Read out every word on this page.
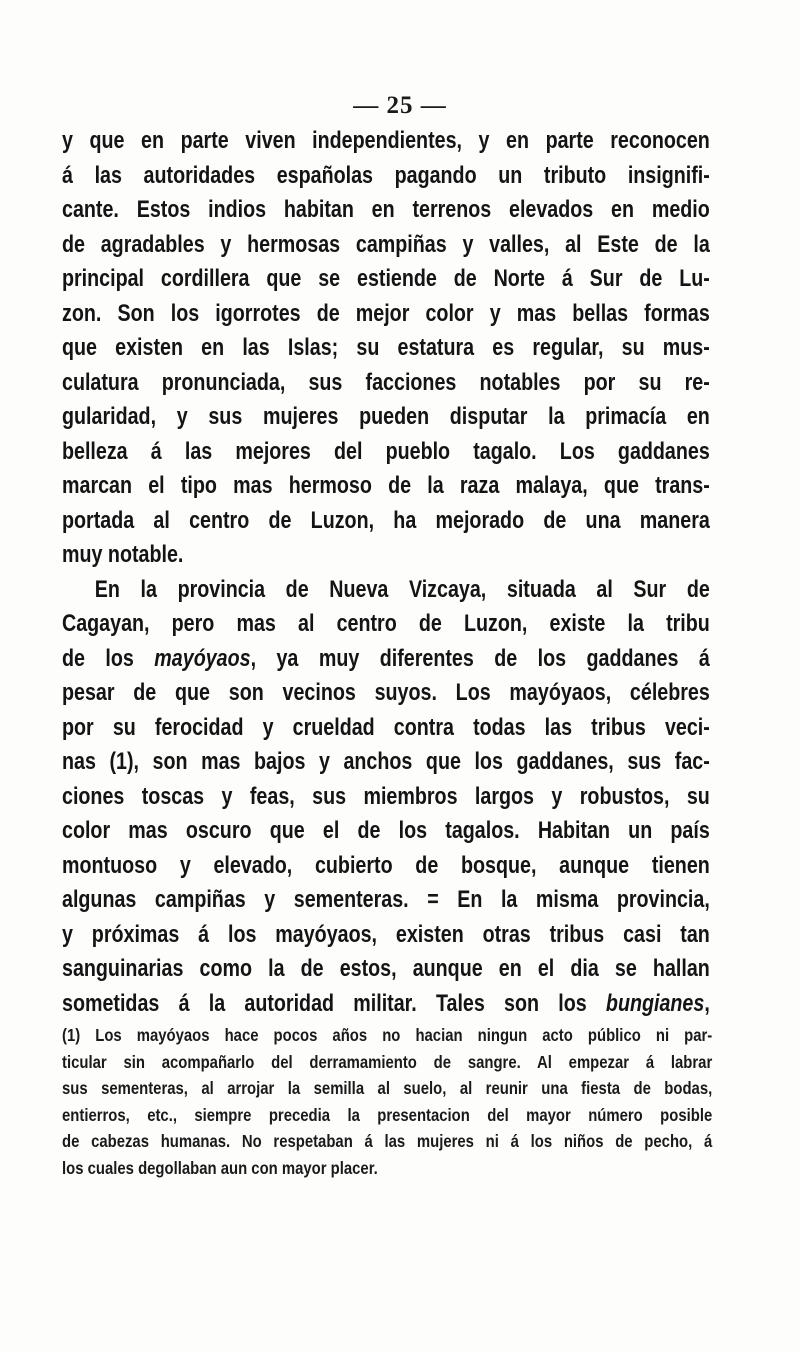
— 25 —
y que en parte viven independientes, y en parte reconocen
á las autoridades españolas pagando un tributo insignifi-
cante. Estos indios habitan en terrenos elevados en medio
de agradables y hermosas campiñas y valles, al Este de la
principal cordillera que se estiende de Norte á Sur de Lu-
zon. Son los igorrotes de mejor color y mas bellas formas
que existen en las Islas; su estatura es regular, su mus-
culatura pronunciada, sus facciones notables por su re-
gularidad, y sus mujeres pueden disputar la primacía en
belleza á las mejores del pueblo tagalo. Los gaddanes
marcan el tipo mas hermoso de la raza malaya, que trans-
portada al centro de Luzon, ha mejorado de una manera
muy notable.
En la provincia de Nueva Vizcaya, situada al Sur de
Cagayan, pero mas al centro de Luzon, existe la tribu
de los mayóyaos, ya muy diferentes de los gaddanes á
pesar de que son vecinos suyos. Los mayóyaos, célebres
por su ferocidad y crueldad contra todas las tribus veci-
nas (1), son mas bajos y anchos que los gaddanes, sus fac-
ciones toscas y feas, sus miembros largos y robustos, su
color mas oscuro que el de los tagalos. Habitan un país
montuoso y elevado, cubierto de bosque, aunque tienen
algunas campiñas y sementeras. = En la misma provincia,
y próximas á los mayóyaos, existen otras tribus casi tan
sanguinarias como la de estos, aunque en el dia se hallan
sometidas á la autoridad militar. Tales son los bungianes,
(1) Los mayóyaos hace pocos años no hacian ningun acto público ni par-
ticular sin acompañarlo del derramamiento de sangre. Al empezar á labrar
sus sementeras, al arrojar la semilla al suelo, al reunir una fiesta de bodas,
entierros, etc., siempre precedia la presentacion del mayor número posible
de cabezas humanas. No respetaban á las mujeres ni á los niños de pecho, á
los cuales degollaban aun con mayor placer.
